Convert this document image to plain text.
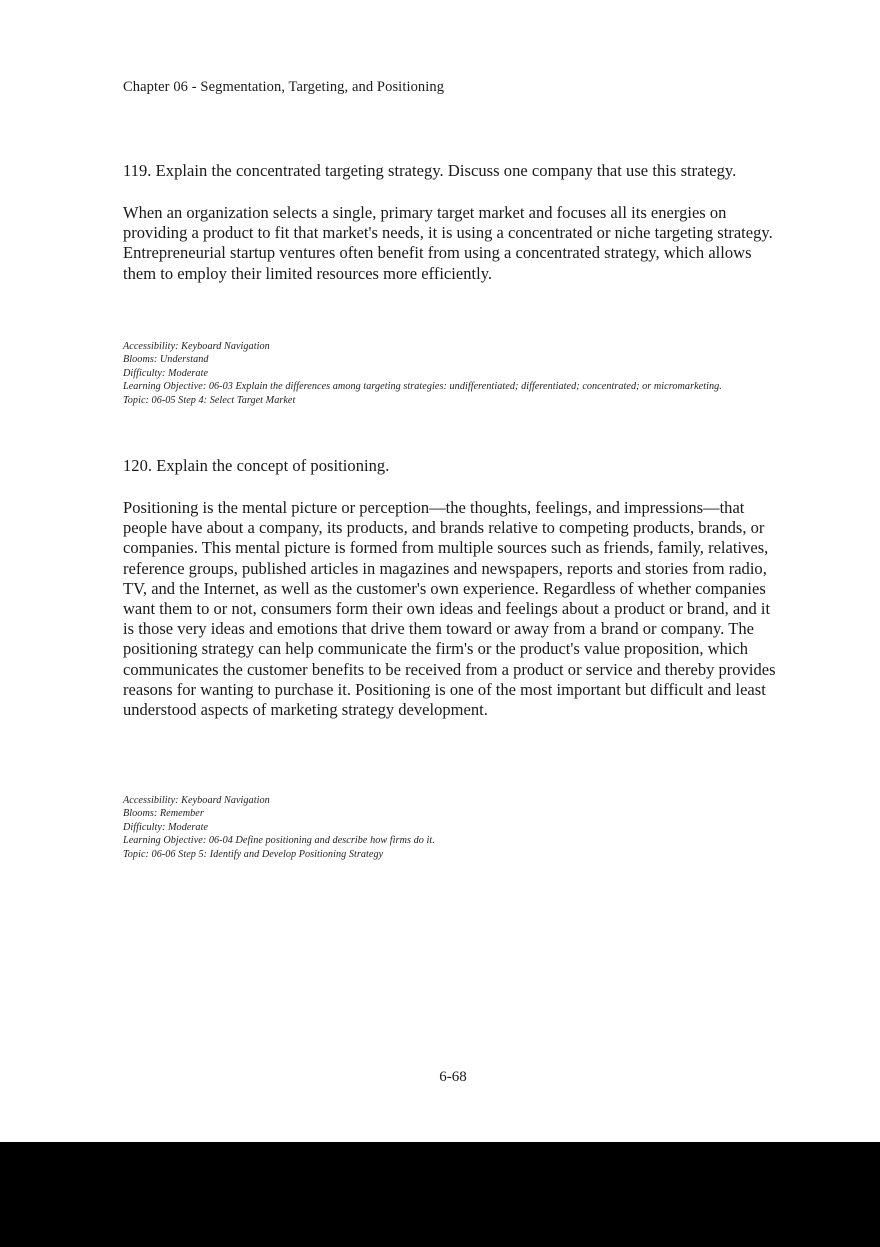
Chapter 06 - Segmentation, Targeting, and Positioning

119. Explain the concentrated targeting strategy. Discuss one company that use this strategy.

When an organization selects a single, primary target market and focuses all its energies on providing a product to fit that market's needs, it is using a concentrated or niche targeting strategy. Entrepreneurial startup ventures often benefit from using a concentrated strategy, which allows them to employ their limited resources more efficiently.

Accessibility: Keyboard Navigation
Blooms: Understand
Difficulty: Moderate
Learning Objective: 06-03 Explain the differences among targeting strategies: undifferentiated; differentiated; concentrated; or micromarketing.
Topic: 06-05 Step 4: Select Target Market

120. Explain the concept of positioning.

Positioning is the mental picture or perception—the thoughts, feelings, and impressions—that people have about a company, its products, and brands relative to competing products, brands, or companies. This mental picture is formed from multiple sources such as friends, family, relatives, reference groups, published articles in magazines and newspapers, reports and stories from radio, TV, and the Internet, as well as the customer's own experience. Regardless of whether companies want them to or not, consumers form their own ideas and feelings about a product or brand, and it is those very ideas and emotions that drive them toward or away from a brand or company. The positioning strategy can help communicate the firm's or the product's value proposition, which communicates the customer benefits to be received from a product or service and thereby provides reasons for wanting to purchase it. Positioning is one of the most important but difficult and least understood aspects of marketing strategy development.

Accessibility: Keyboard Navigation
Blooms: Remember
Difficulty: Moderate
Learning Objective: 06-04 Define positioning and describe how firms do it.
Topic: 06-06 Step 5: Identify and Develop Positioning Strategy
6-68
